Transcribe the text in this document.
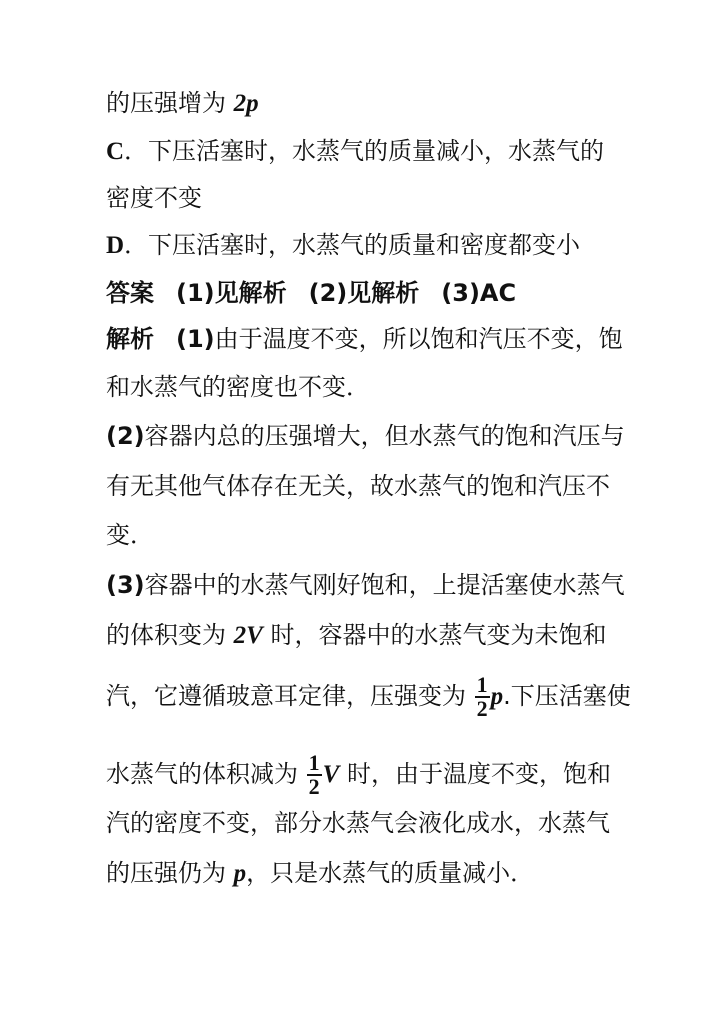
的压强增为 2p
C．下压活塞时，水蒸气的质量减小，水蒸气的
密度不变
D．下压活塞时，水蒸气的质量和密度都变小
答案 (1)见解析 (2)见解析 (3)AC
解析 (1)由于温度不变，所以饱和汽压不变，饱
和水蒸气的密度也不变．
(2)容器内总的压强增大，但水蒸气的饱和汽压与
有无其他气体存在无关，故水蒸气的饱和汽压不
变．
(3)容器中的水蒸气刚好饱和，上提活塞使水蒸气
的体积变为 2V 时，容器中的水蒸气变为未饱和
汽，它遵循玻意耳定律，压强变为 $\frac{1}{2} p$.下压活塞使
水蒸气的体积减为 $\frac{1}{2}$ V 时，由于温度不变，饱和
汽的密度不变，部分水蒸气会液化成水，水蒸气
的压强仍为 p，只是水蒸气的质量减小．
